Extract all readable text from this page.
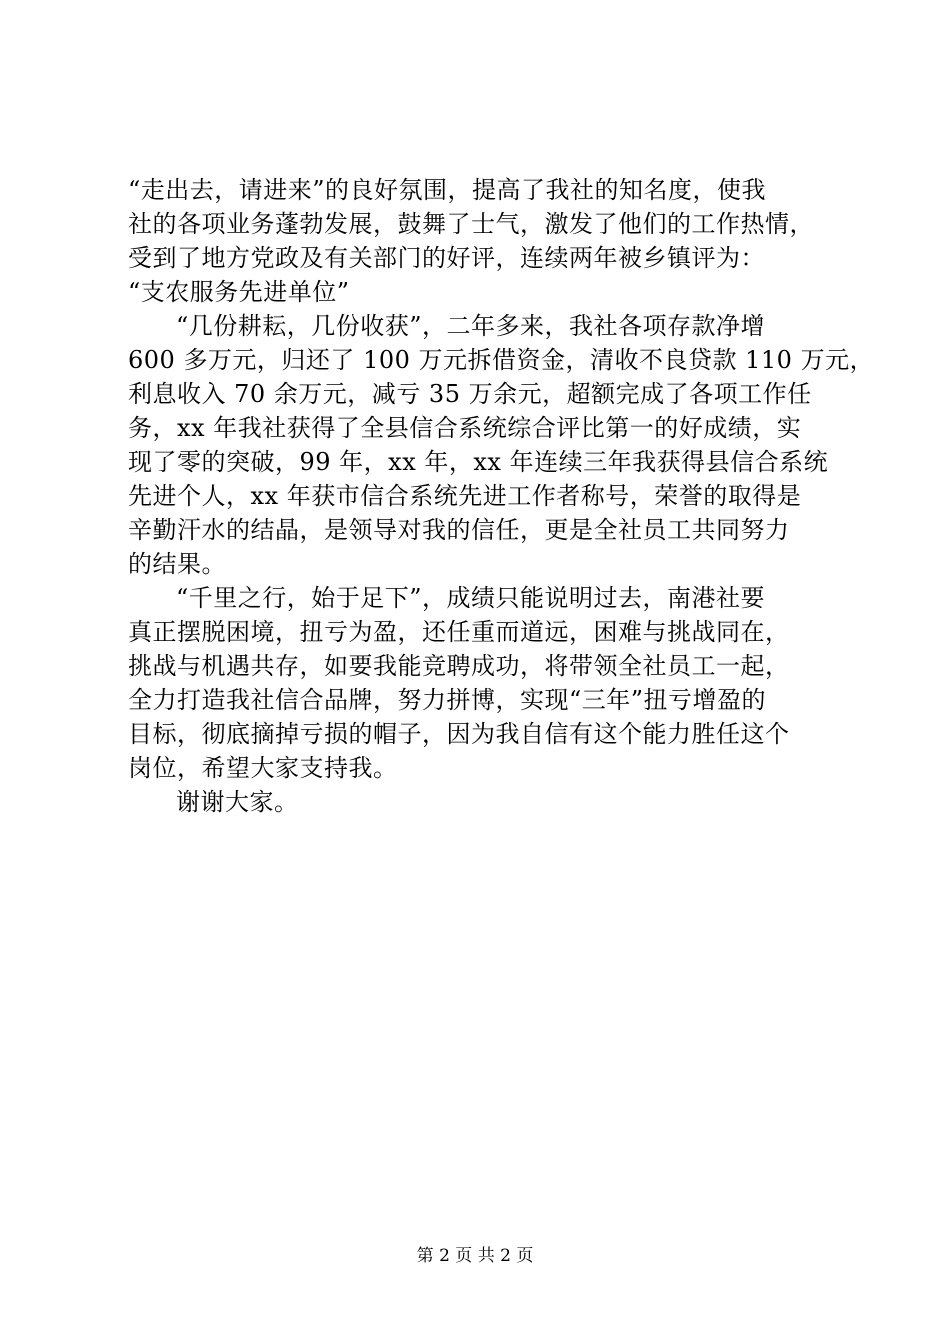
“走出去，请进来”的良好氛围，提高了我社的知名度，使我
社的各项业务蓬勃发展，鼓舞了士气，激发了他们的工作热情，
受到了地方党政及有关部门的好评，连续两年被乡镇评为：
“支农服务先进单位”
“几份耕耘，几份收获”，二年多来，我社各项存款净增
600 多万元，归还了 100 万元拆借资金，清收不良贷款 110 万元，
利息收入 70 余万元，减亏 35 万余元，超额完成了各项工作任
务，xx 年我社获得了全县信合系统综合评比第一的好成绩，实
现了零的突破，99 年，xx 年，xx 年连续三年我获得县信合系统
先进个人，xx 年获市信合系统先进工作者称号，荣誉的取得是
辛勤汗水的结晶，是领导对我的信任，更是全社员工共同努力
的结果。
“千里之行，始于足下”，成绩只能说明过去，南港社要
真正摆脱困境，扭亏为盈，还任重而道远，困难与挑战同在，
挑战与机遇共存，如要我能竞聘成功，将带领全社员工一起，
全力打造我社信合品牌，努力拼博，实现“三年”扭亏增盈的
目标，彻底摘掉亏损的帽子，因为我自信有这个能力胜任这个
岗位，希望大家支持我。
谢谢大家。
第 2 页 共 2 页
